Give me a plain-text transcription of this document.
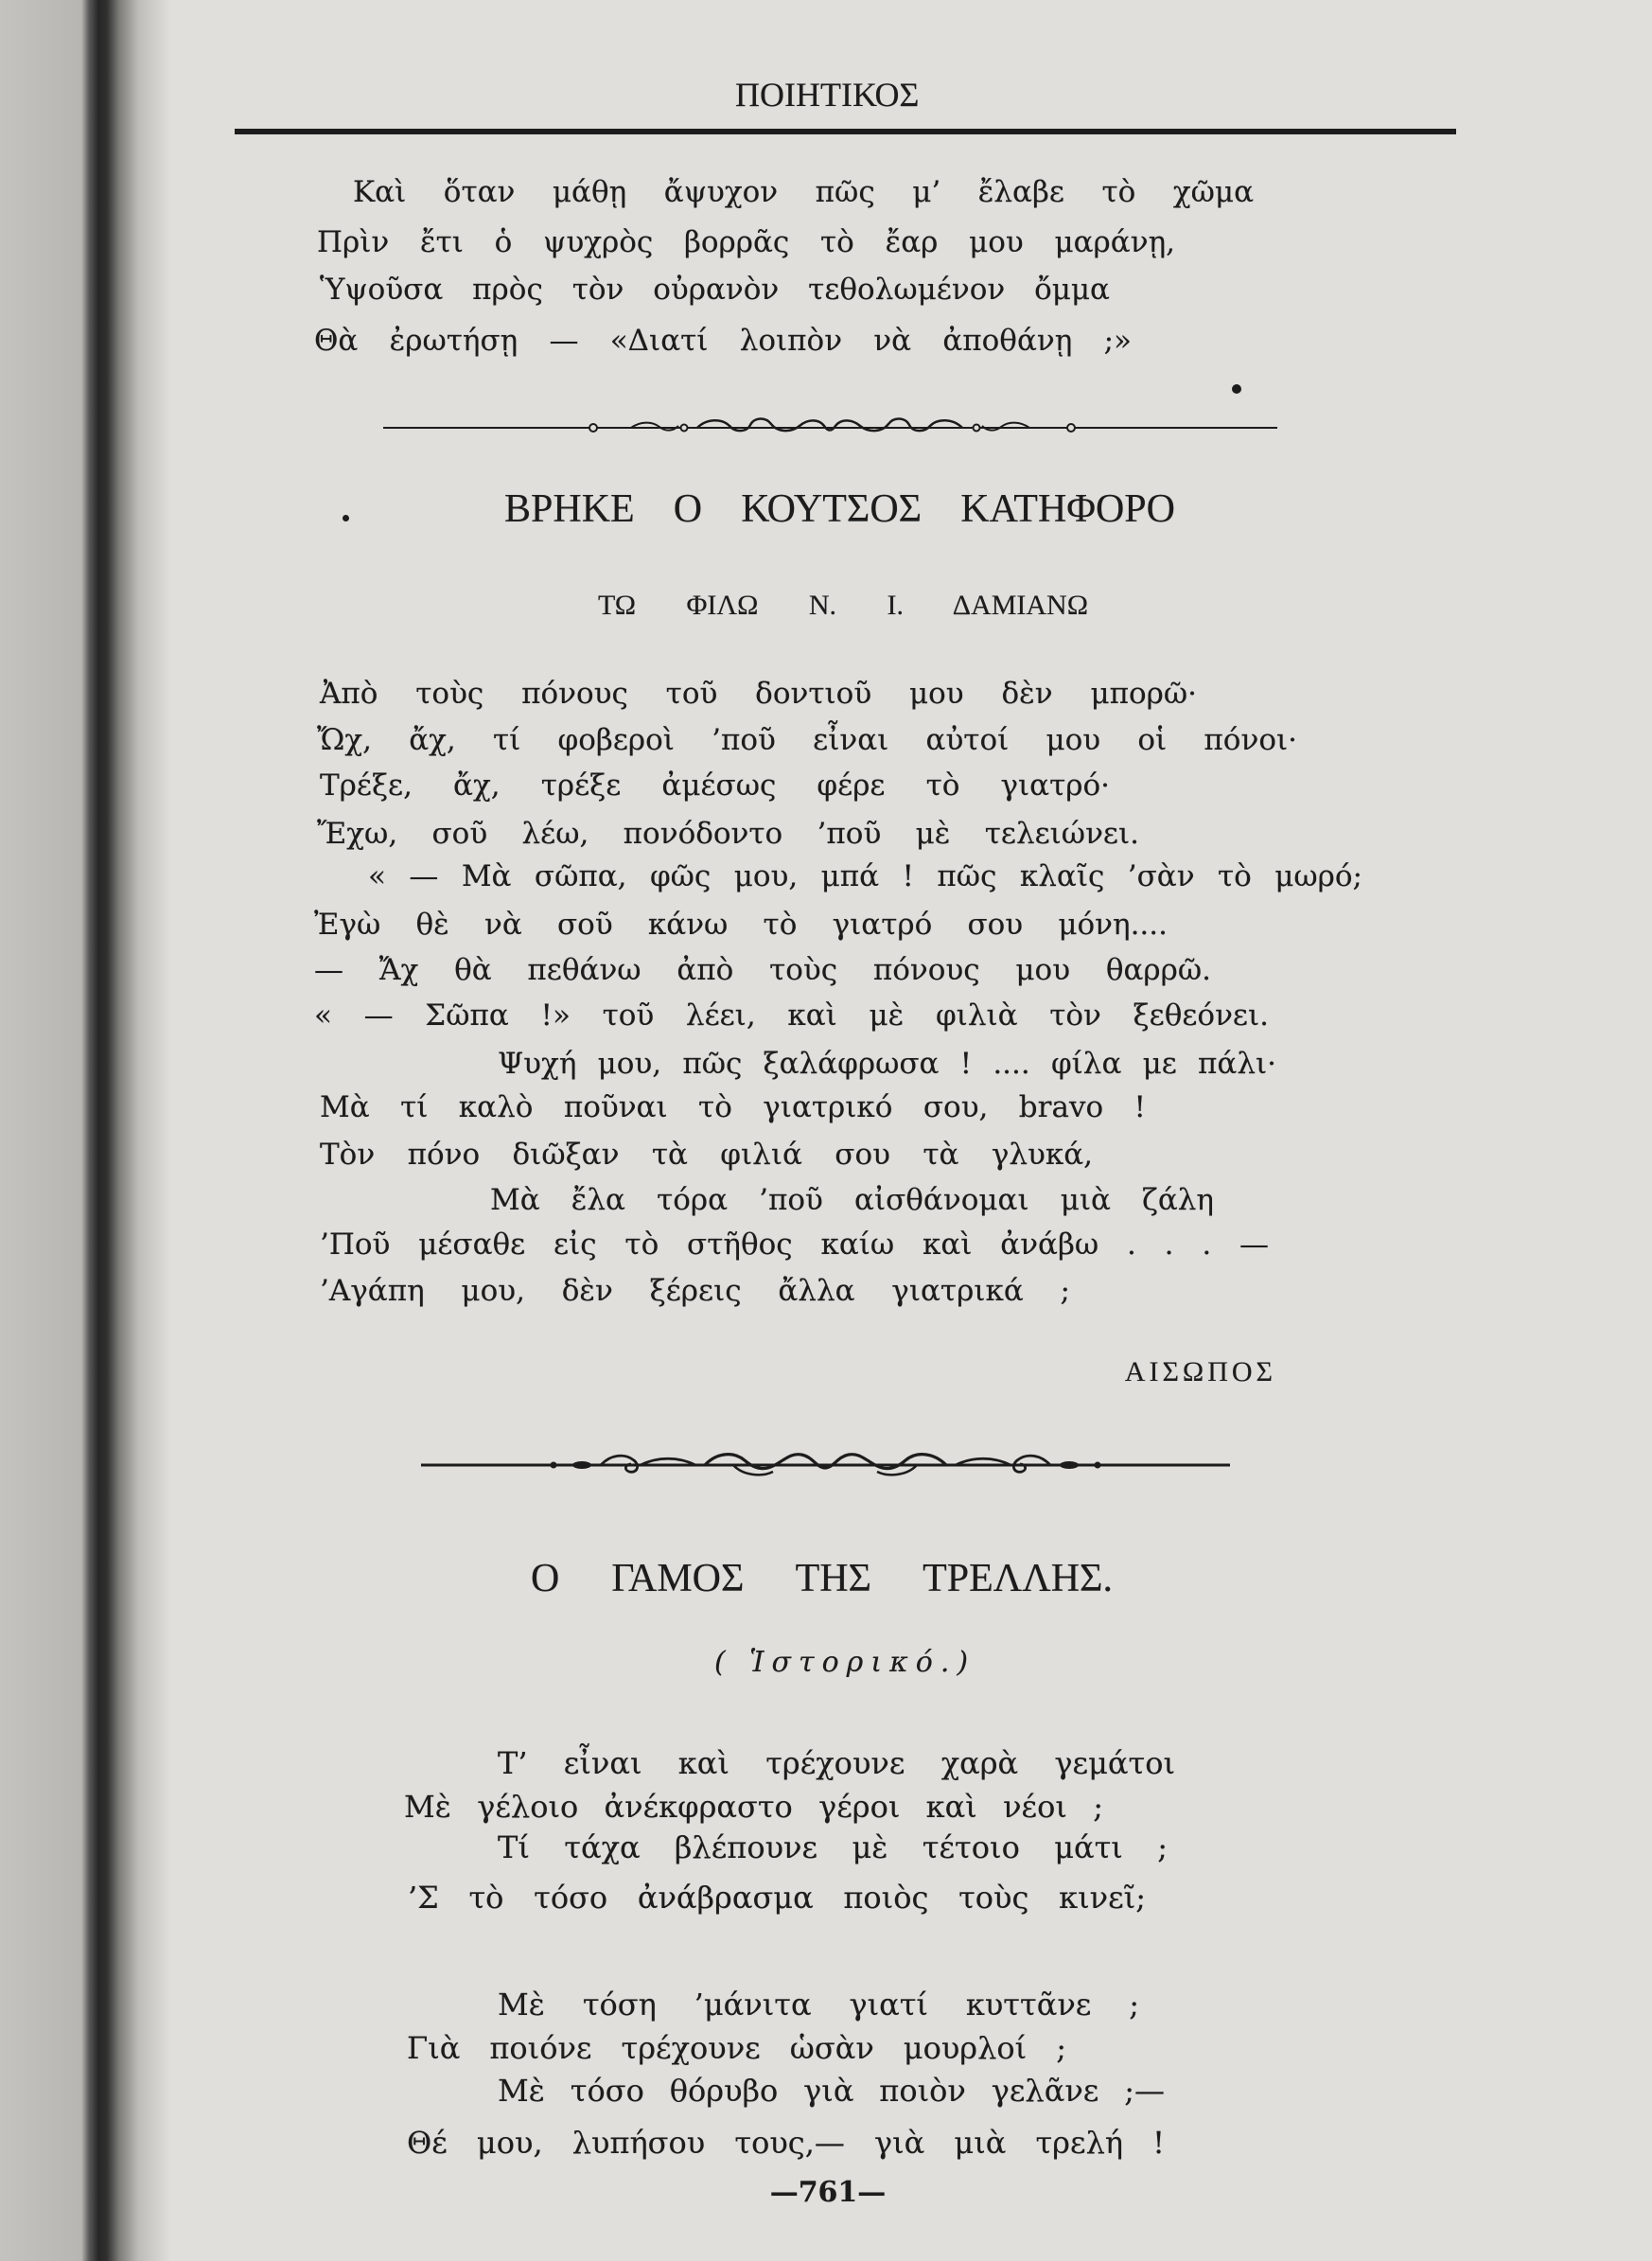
ΠΟΙΗΤΙΚΟΣ
Καὶ ὅταν μάθῃ ἄψυχον πῶς μ’ ἔλαβε τὸ χῶμα
Πρὶν ἔτι ὁ ψυχρὸς βορρᾶς τὸ ἔαρ μου μαράνῃ,
Ὑψοῦσα πρὸς τὸν οὐρανὸν τεθολωμένον ὄμμα
Θὰ ἐρωτήσῃ — «Διατί λοιπὸν νὰ ἀποθάνῃ ;»
ΒΡΗΚΕ Ο ΚΟΥΤΣΟΣ ΚΑΤΗΦΟΡΟ
ΤΩ ΦΙΛΩ Ν. Ι. ΔΑΜΙΑΝΩ
Ἀπὸ τοὺς πόνους τοῦ δοντιοῦ μου δὲν μπορῶ·
Ὤχ, ἄχ, τί φοβεροὶ ’ποῦ εἶναι αὐτοί μου οἱ πόνοι·
Τρέξε, ἄχ, τρέξε ἀμέσως φέρε τὸ γιατρό·
Ἔχω, σοῦ λέω, πονόδοντο ’ποῦ μὲ τελειώνει.
« — Μὰ σῶπα, φῶς μου, μπά ! πῶς κλαῖς ’σὰν τὸ μωρό;
Ἐγὼ θὲ νὰ σοῦ κάνω τὸ γιατρό σου μόνη....
— Ἄχ θὰ πεθάνω ἀπὸ τοὺς πόνους μου θαρρῶ.
« — Σῶπα !» τοῦ λέει, καὶ μὲ φιλιὰ τὸν ξεθεόνει.
Ψυχή μου, πῶς ξαλάφρωσα ! .... φίλα με πάλι·
Μὰ τί καλὸ ποῦναι τὸ γιατρικό σου, bravo !
Τὸν πόνο διῶξαν τὰ φιλιά σου τὰ γλυκά,
Μὰ ἔλα τόρα ’ποῦ αἰσθάνομαι μιὰ ζάλη
’Ποῦ μέσαθε εἰς τὸ στῆθος καίω καὶ ἀνάβω . . . —
’Αγάπη μου, δὲν ξέρεις ἄλλα γιατρικά ;
ΑΙΣΩΠΟΣ
Ο ΓΑΜΟΣ ΤΗΣ ΤΡΕΛΛΗΣ.
( Ἱστορικό.)
Τ’ εἶναι καὶ τρέχουνε χαρὰ γεμάτοι
Μὲ γέλοιο ἀνέκφραστο γέροι καὶ νέοι ;
Τί τάχα βλέπουνε μὲ τέτοιο μάτι ;
’Σ τὸ τόσο ἀνάβρασμα ποιὸς τοὺς κινεῖ;
Μὲ τόση ’μάνιτα γιατί κυττᾶνε ;
Γιὰ ποιόνε τρέχουνε ὡσὰν μουρλοί ;
Μὲ τόσο θόρυβο γιὰ ποιὸν γελᾶνε ;—
Θέ μου, λυπήσου τους,— γιὰ μιὰ τρελή !
—761—
